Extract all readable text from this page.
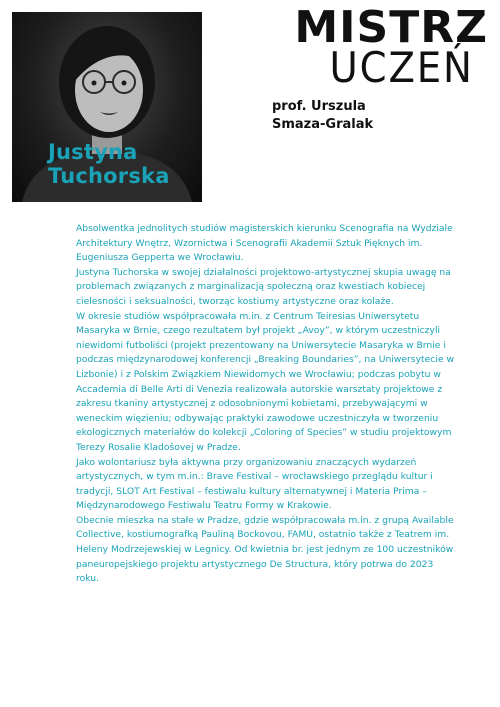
Justyna
Tuchorska
MISTRZ
UCZEŃ
prof. Urszula
Smaza-Gralak

Absolwentka jednolitych studiów magisterskich kierunku Scenografia na Wydziale Architektury Wnętrz, Wzornictwa i Scenografii Akademii Sztuk Pięknych im. Eugeniusza Gepperta we Wrocławiu.

Justyna Tuchorska w swojej działalności projektowo-artystycznej skupia uwagę na problemach związanych z marginalizacją społeczną oraz kwestiach kobiecej cielesności i seksualności, tworząc kostiumy artystyczne oraz kolaże.

W okresie studiów współpracowała m.in. z Centrum Teiresias Uniwersytetu Masaryka w Brnie, czego rezultatem był projekt „Avoy”, w którym uczestniczyli niewidomi futboliści (projekt prezentowany na Uniwersytecie Masaryka w Brnie i podczas międzynarodowej konferencji „Breaking Boundaries”, na Uniwersytecie w Lizbonie) i z Polskim Związkiem Niewidomych we Wrocławiu; podczas pobytu w Accademia di Belle Arti di Venezia realizowała autorskie warsztaty projektowe z zakresu tkaniny artystycznej z odosobnionymi kobietami, przebywającymi w weneckim więzieniu; odbywając praktyki zawodowe uczestniczyła w tworzeniu ekologicznych materiałów do kolekcji „Coloring of Species” w studiu projektowym Terezy Rosalie Kladošovej w Pradze.

Jako wolontariusz była aktywna przy organizowaniu znaczących wydarzeń artystycznych, w tym m.in.: Brave Festival – wrocławskiego przeglądu kultur i tradycji, SLOT Art Festival – festiwalu kultury alternatywnej i Materia Prima – Międzynarodowego Festiwalu Teatru Formy w Krakowie.

Obecnie mieszka na stałe w Pradze, gdzie współpracowała m.in. z grupą Available Collective, kostiumografką Pauliną Bockovou, FAMU, ostatnio także z Teatrem im. Heleny Modrzejewskiej w Legnicy. Od kwietnia br. jest jednym ze 100 uczestników paneuropejskiego projektu artystycznego De Structura, który potrwa do 2023 roku.
